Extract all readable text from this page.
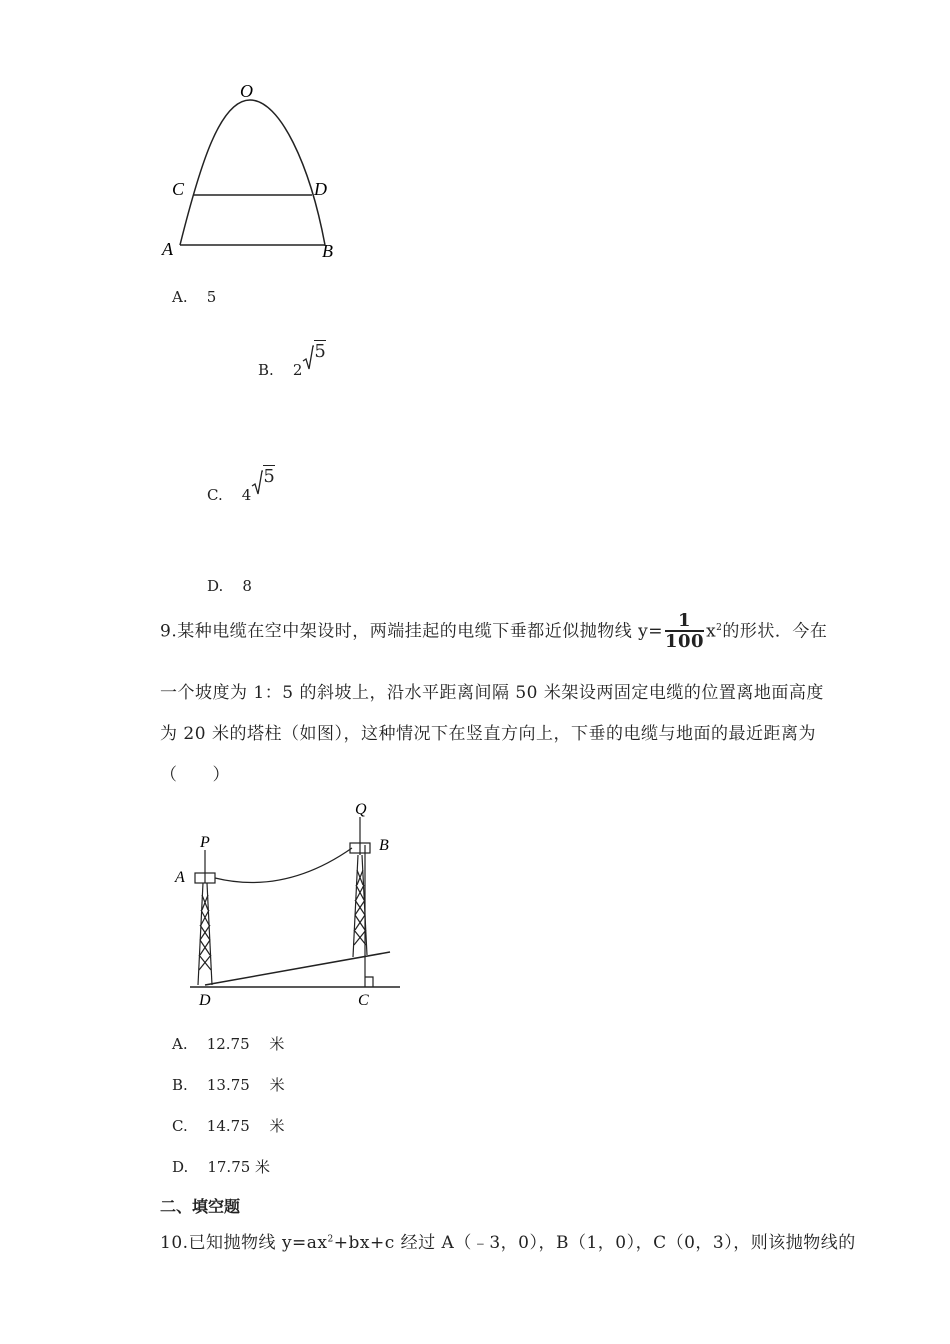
O
C	D
A	B
A. 5
B. 25
C. 45
D. 8
9.某种电缆在空中架设时，两端挂起的电缆下垂都近似抛物线 $y= \frac{1}{100} x^2$的形状．今在
一个坡度为 1：5 的斜坡上，沿水平距离间隔 50 米架设两固定电缆的位置离地面高度
为 20 米的塔柱（如图），这种情况下在竖直方向上，下垂的电缆与地面的最近距离为
（　　）
P
Q
A
B
D	C
A. 12.75　 米
B. 13.75　 米
C. 14.75　 米
D. 17.75 米
二、填空题
10.已知抛物线 $y=ax^2+bx+c$ 经过 A（﹣3，0），B（1，0），C（0，3），则该抛物线的
